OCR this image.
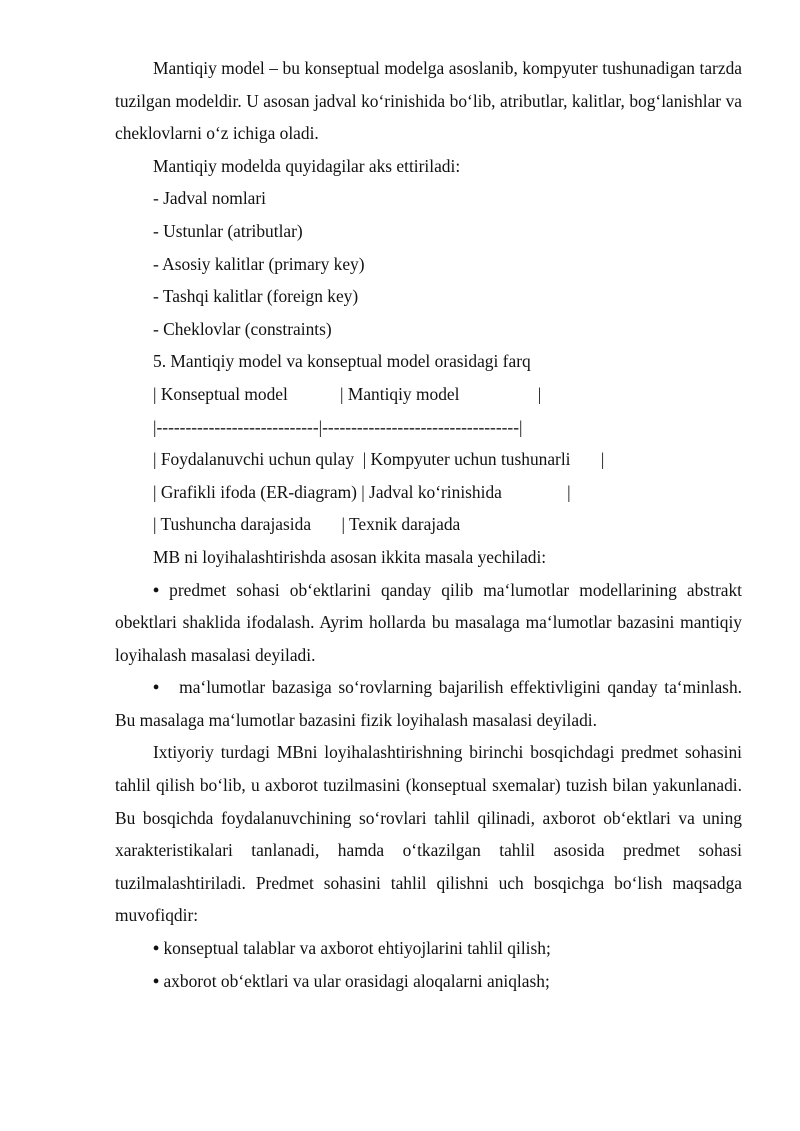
Mantiqiy model – bu konseptual modelga asoslanib, kompyuter tushunadigan tarzda tuzilgan modeldir. U asosan jadval ko‘rinishida bo‘lib, atributlar, kalitlar, bog‘lanishlar va cheklovlarni o‘z ichiga oladi.

Mantiqiy modelda quyidagilar aks ettiriladi:

- Jadval nomlari

- Ustunlar (atributlar)

- Asosiy kalitlar (primary key)

- Tashqi kalitlar (foreign key)

- Cheklovlar (constraints)

5. Mantiqiy model va konseptual model orasidagi farq

| Konseptual model            | Mantiqiy model                  |

|----------------------------|----------------------------------|

| Foydalanuvchi uchun qulay  | Kompyuter uchun tushunarli       |

| Grafikli ifoda (ER-diagram) | Jadval ko‘rinishida               |

| Tushuncha darajasida       | Texnik darajada

MB ni loyihalashtirishda asosan ikkita masala yechiladi:

• predmet sohasi ob‘ektlarini qanday qilib ma‘lumotlar modellarining abstrakt obektlari shaklida ifodalash. Ayrim hollarda bu masalaga ma‘lumotlar bazasini mantiqiy loyihalash masalasi deyiladi.

• ma‘lumotlar bazasiga so‘rovlarning bajarilish effektivligini qanday ta‘minlash. Bu masalaga ma‘lumotlar bazasini fizik loyihalash masalasi deyiladi.

Ixtiyoriy turdagi MBni loyihalashtirishning birinchi bosqichdagi predmet sohasini tahlil qilish bo‘lib, u axborot tuzilmasini (konseptual sxemalar) tuzish bilan yakunlanadi. Bu bosqichda foydalanuvchining so‘rovlari tahlil qilinadi, axborot ob‘ektlari va uning xarakteristikalari tanlanadi, hamda o‘tkazilgan tahlil asosida predmet sohasi tuzilmalashtiriladi. Predmet sohasini tahlil qilishni uch bosqichga bo‘lish maqsadga muvofiqdir:

• konseptual talablar va axborot ehtiyojlarini tahlil qilish;

• axborot ob‘ektlari va ular orasidagi aloqalarni aniqlash;
